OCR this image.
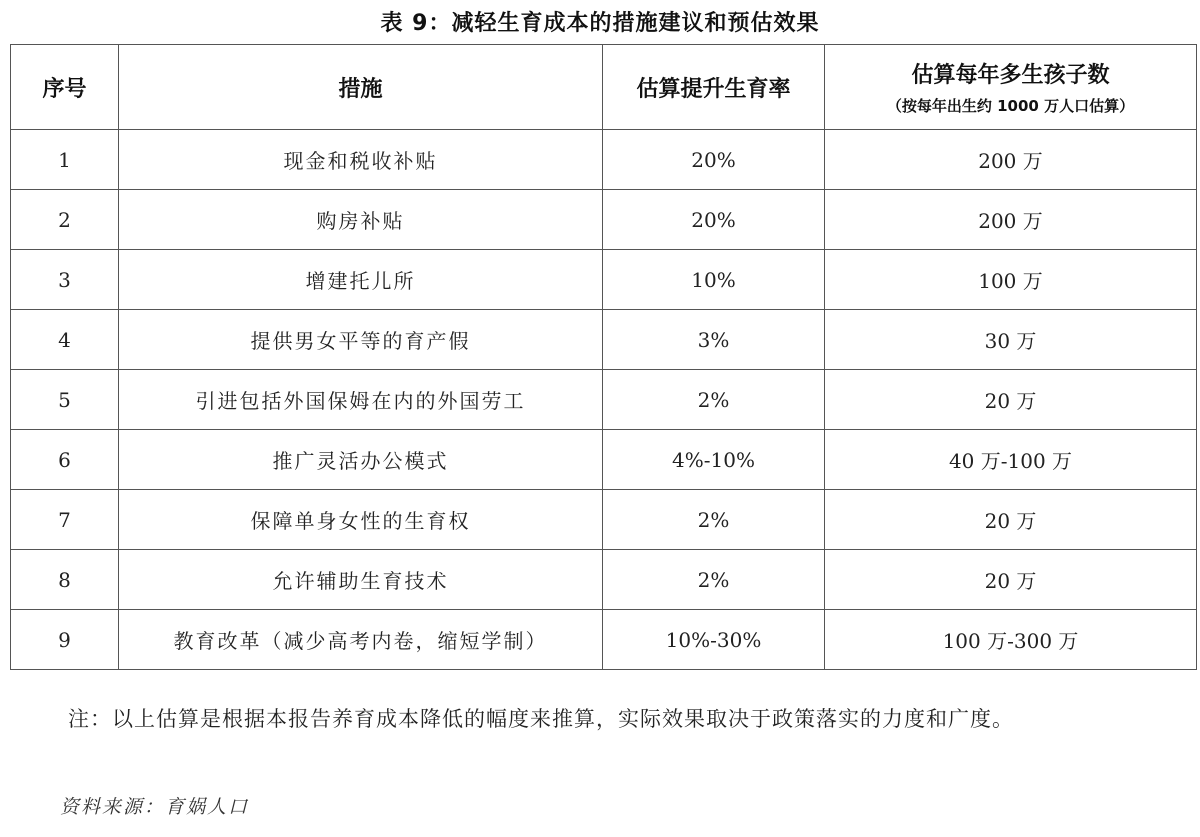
表 9：减轻生育成本的措施建议和预估效果
序号	措施	估算提升生育率	估算每年多生孩子数
（按每年出生约 1000 万人口估算）

1	现金和税收补贴	20%	200 万
2	购房补贴	20%	200 万
3	增建托儿所	10%	100 万
4	提供男女平等的育产假	3%	30 万
5	引进包括外国保姆在内的外国劳工	2%	20 万
6	推广灵活办公模式	4%-10%	40 万-100 万
7	保障单身女性的生育权	2%	20 万
8	允许辅助生育技术	2%	20 万
9	教育改革（减少高考内卷，缩短学制）	10%-30%	100 万-300 万
注：以上估算是根据本报告养育成本降低的幅度来推算，实际效果取决于政策落实的力度和广度。
资料来源：育娲人口
